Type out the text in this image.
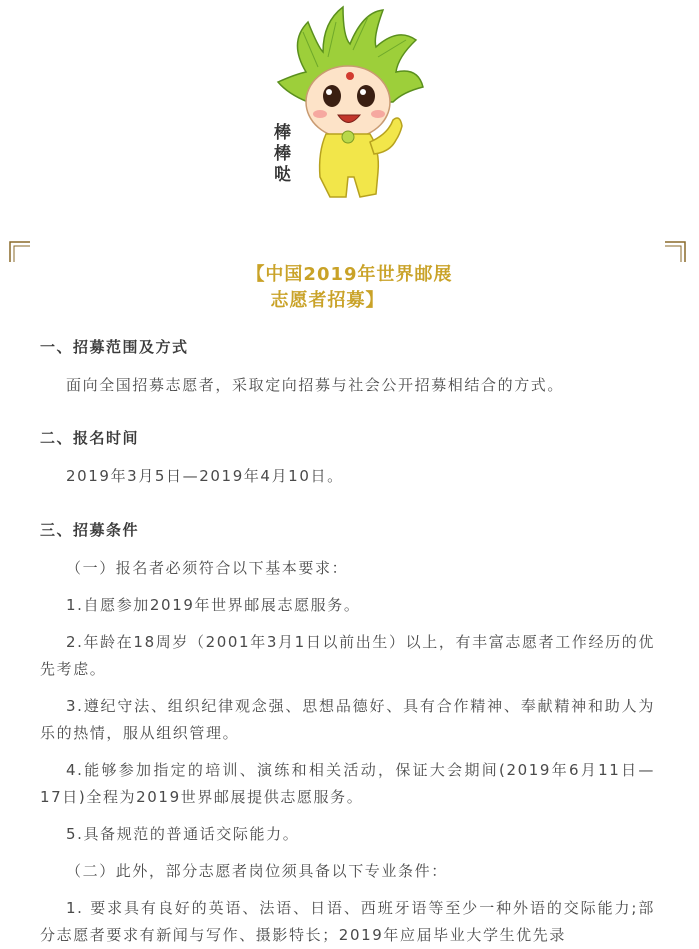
棒
棒
哒
【中国2019年世界邮展
志愿者招募】

一、招募范围及方式

面向全国招募志愿者，采取定向招募与社会公开招募相结合的方式。

二、报名时间

2019年3月5日—2019年4月10日。

三、招募条件

（一）报名者必须符合以下基本要求：

1.自愿参加2019年世界邮展志愿服务。

2.年龄在18周岁（2001年3月1日以前出生）以上，有丰富志愿者工作经历的优先考虑。

3.遵纪守法、组织纪律观念强、思想品德好、具有合作精神、奉献精神和助人为乐的热情，服从组织管理。

4.能够参加指定的培训、演练和相关活动，保证大会期间(2019年6月11日—17日)全程为2019世界邮展提供志愿服务。

5.具备规范的普通话交际能力。

（二）此外，部分志愿者岗位须具备以下专业条件：

1. 要求具有良好的英语、法语、日语、西班牙语等至少一种外语的交际能力;部分志愿者要求有新闻与写作、摄影特长；2019年应届毕业大学生优先录
